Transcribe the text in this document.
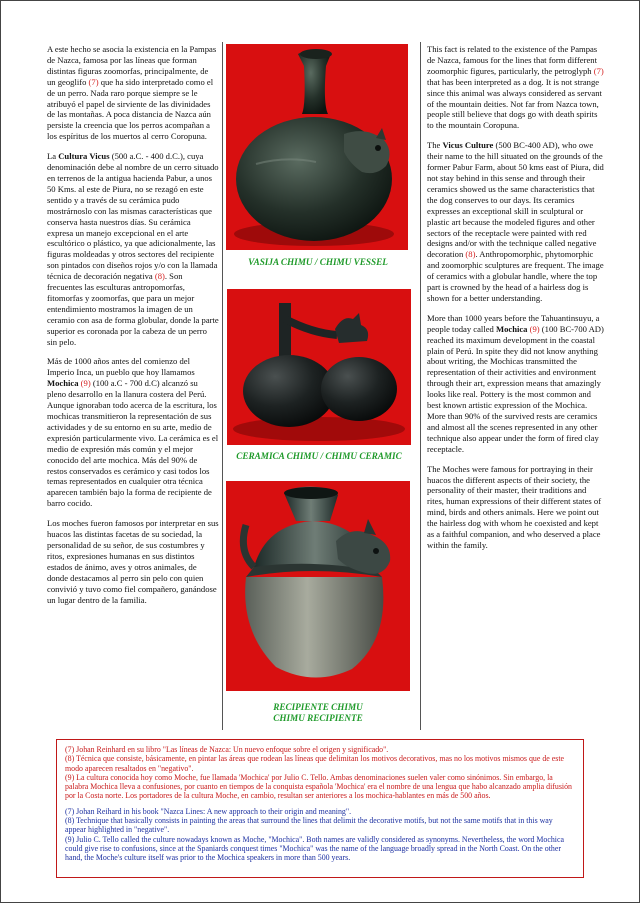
A este hecho se asocia la existencia en la Pampas de Nazca, famosa por las líneas que forman distintas figuras zoomorfas, principalmente, de un geoglifo (7) que ha sido interpretado como el de un perro. Nada raro porque siempre se le atribuyó el papel de sirviente de las divinidades de las montañas. A poca distancia de Nazca aún persiste la creencia que los perros acompañan a los espíritus de los muertos al cerro Coropuna.

La Cultura Vicus (500 a.C. - 400 d.C.), cuya denominación debe al nombre de un cerro situado en terrenos de la antigua hacienda Pabur, a unos 50 Kms. al este de Piura, no se rezagó en este sentido y a través de su cerámica pudo mostrárnoslo con las mismas características que conserva hasta nuestros días. Su cerámica expresa un manejo excepcional en el arte escultórico o plástico, ya que adicionalmente, las figuras moldeadas y otros sectores del recipiente son pintados con diseños rojos y/o con la llamada técnica de decoración negativa (8). Son frecuentes las esculturas antropomorfas, fitomorfas y zoomorfas, que para un mejor entendimiento mostramos la imagen de un ceramio con asa de forma globular, donde la parte superior es coronada por la cabeza de un perro sin pelo.

Más de 1000 años antes del comienzo del Imperio Inca, un pueblo que hoy llamamos Mochica (9) (100 a.C - 700 d.C) alcanzó su pleno desarrollo en la llanura costera del Perú. Aunque ignoraban todo acerca de la escritura, los mochicas transmitieron la representación de sus actividades y de su entorno en su arte, medio de expresión particularmente vivo. La cerámica es el medio de expresión más común y el mejor conocido del arte mochica. Más del 90% de restos conservados es cerámico y casi todos los temas representados en cualquier otra técnica aparecen también bajo la forma de recipiente de barro cocido.

Los moches fueron famosos por interpretar en sus huacos las distintas facetas de su sociedad, la personalidad de su señor, de sus costumbres y ritos, expresiones humanas en sus distintos estados de ánimo, aves y otros animales, de donde destacamos al perro sin pelo con quien convivió y tuvo como fiel compañero, ganándose un lugar dentro de la familia.

VASIJA CHIMU / CHIMU VESSEL
CERAMICA CHIMU / CHIMU CERAMIC
RECIPIENTE CHIMU
CHIMU RECIPIENTE

This fact is related to the existence of the Pampas de Nazca, famous for the lines that form different zoomorphic figures, particularly, the petroglyph (7) that has been interpreted as a dog. It is not strange since this animal was always considered as servant of the mountain deities. Not far from Nazca town, people still believe that dogs go with death spirits to the mountain Coropuna.

The Vicus Culture (500 BC-400 AD), who owe their name to the hill situated on the grounds of the former Pabur Farm, about 50 kms east of Piura, did not stay behind in this sense and through their ceramics showed us the same characteristics that the dog conserves to our days. Its ceramics expresses an exceptional skill in sculptural or plastic art because the modeled figures and other sectors of the receptacle were painted with red designs and/or with the technique called negative decoration (8). Anthropomorphic, phytomorphic and zoomorphic sculptures are frequent. The image of ceramics with a globular handle, where the top part is crowned by the head of a hairless dog is shown for a better understanding.

More than 1000 years before the Tahuantinsuyu, a people today called Mochica (9) (100 BC-700 AD) reached its maximum development in the coastal plain of Perú. In spite they did not know anything about writing, the Mochicas transmitted the representation of their activities and environment through their art, expression means that amazingly looks like real. Pottery is the most common and best known artistic expression of the Mochica. More than 90% of the survived rests are ceramics and almost all the scenes represented in any other technique also appear under the form of fired clay receptacle.

The Moches were famous for portraying in their huacos the different aspects of their society, the personality of their master, their traditions and rites, human expressions of their different states of mind, birds and others animals. Here we point out the hairless dog with whom he coexisted and kept as a faithful companion, and who deserved a place within the family.

(7) Johan Reinhard en su libro "Las líneas de Nazca: Un nuevo enfoque sobre el origen y significado".
(8) Técnica que consiste, básicamente, en pintar las áreas que rodean las líneas que delimitan los motivos decorativos, mas no los motivos mismos que de este modo aparecen resaltados en "negativo".
(9) La cultura conocida hoy como Moche, fue llamada 'Mochica' por Julio C. Tello. Ambas denominaciones suelen valer como sinónimos. Sin embargo, la palabra Mochica lleva a confusiones, por cuanto en tiempos de la conquista española 'Mochica' era el nombre de una lengua que habo alcanzado amplia difusión por la Costa norte. Los portadores de la cultura Moche, en cambio, resultan ser anteriores a los mochica-hablantes en más de 500 años.
(7) Johan Reihard in his book "Nazca Lines: A new approach to their origin and meaning".
(8) Technique that basically consists in painting the areas that surround the lines that delimit the decorative motifs, but not the same motifs that in this way appear highlighted in "negative".
(9) Julio C. Tello called the culture nowadays known as Moche, "Mochica". Both names are validly considered as synonyms. Nevertheless, the word Mochica could give rise to confusions, since at the Spaniards conquest times "Mochica" was the name of the language broadly spread in the North Coast. On the other hand, the Moche's culture itself was prior to the Mochica speakers in more than 500 years.
